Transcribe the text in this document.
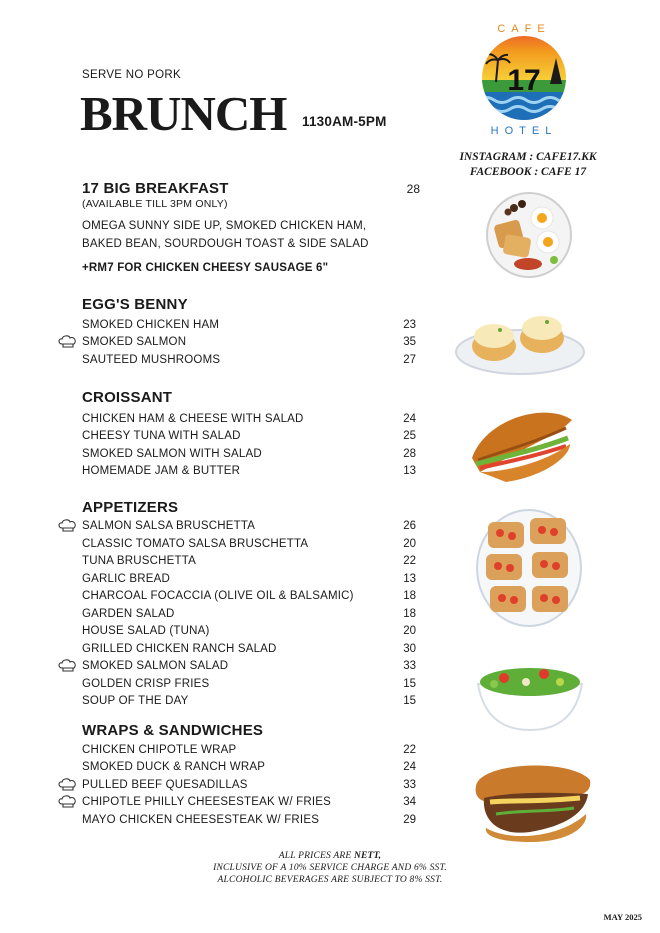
SERVE NO PORK
BRUNCH 1130AM-5PM
17
CAFE
HOTEL
INSTAGRAM : CAFE17.KK
FACEBOOK : CAFE 17
17 BIG BREAKFAST	28
(AVAILABLE TILL 3PM ONLY)
OMEGA SUNNY SIDE UP, SMOKED CHICKEN HAM,
BAKED BEAN, SOURDOUGH TOAST & SIDE SALAD
+RM7 FOR CHICKEN CHEESY SAUSAGE 6"
EGG'S BENNY
SMOKED CHICKEN HAM	23
SMOKED SALMON	35
SAUTEED MUSHROOMS	27
CROISSANT
CHICKEN HAM & CHEESE WITH SALAD	24
CHEESY TUNA WITH SALAD	25
SMOKED SALMON WITH SALAD	28
HOMEMADE JAM & BUTTER	13
APPETIZERS
SALMON SALSA BRUSCHETTA	26
CLASSIC TOMATO SALSA BRUSCHETTA	20
TUNA BRUSCHETTA	22
GARLIC BREAD	13
CHARCOAL FOCACCIA (OLIVE OIL & BALSAMIC)	18
GARDEN SALAD	18
HOUSE SALAD (TUNA)	20
GRILLED CHICKEN RANCH SALAD	30
SMOKED SALMON SALAD	33
GOLDEN CRISP FRIES	15
SOUP OF THE DAY	15
WRAPS & SANDWICHES
CHICKEN CHIPOTLE WRAP	22
SMOKED DUCK & RANCH WRAP	24
PULLED BEEF QUESADILLAS	33
CHIPOTLE PHILLY CHEESESTEAK W/ FRIES	34
MAYO CHICKEN CHEESESTEAK W/ FRIES	29
ALL PRICES ARE NETT,
INCLUSIVE OF A 10% SERVICE CHARGE AND 6% SST.
ALCOHOLIC BEVERAGES ARE SUBJECT TO 8% SST.
MAY 2025
